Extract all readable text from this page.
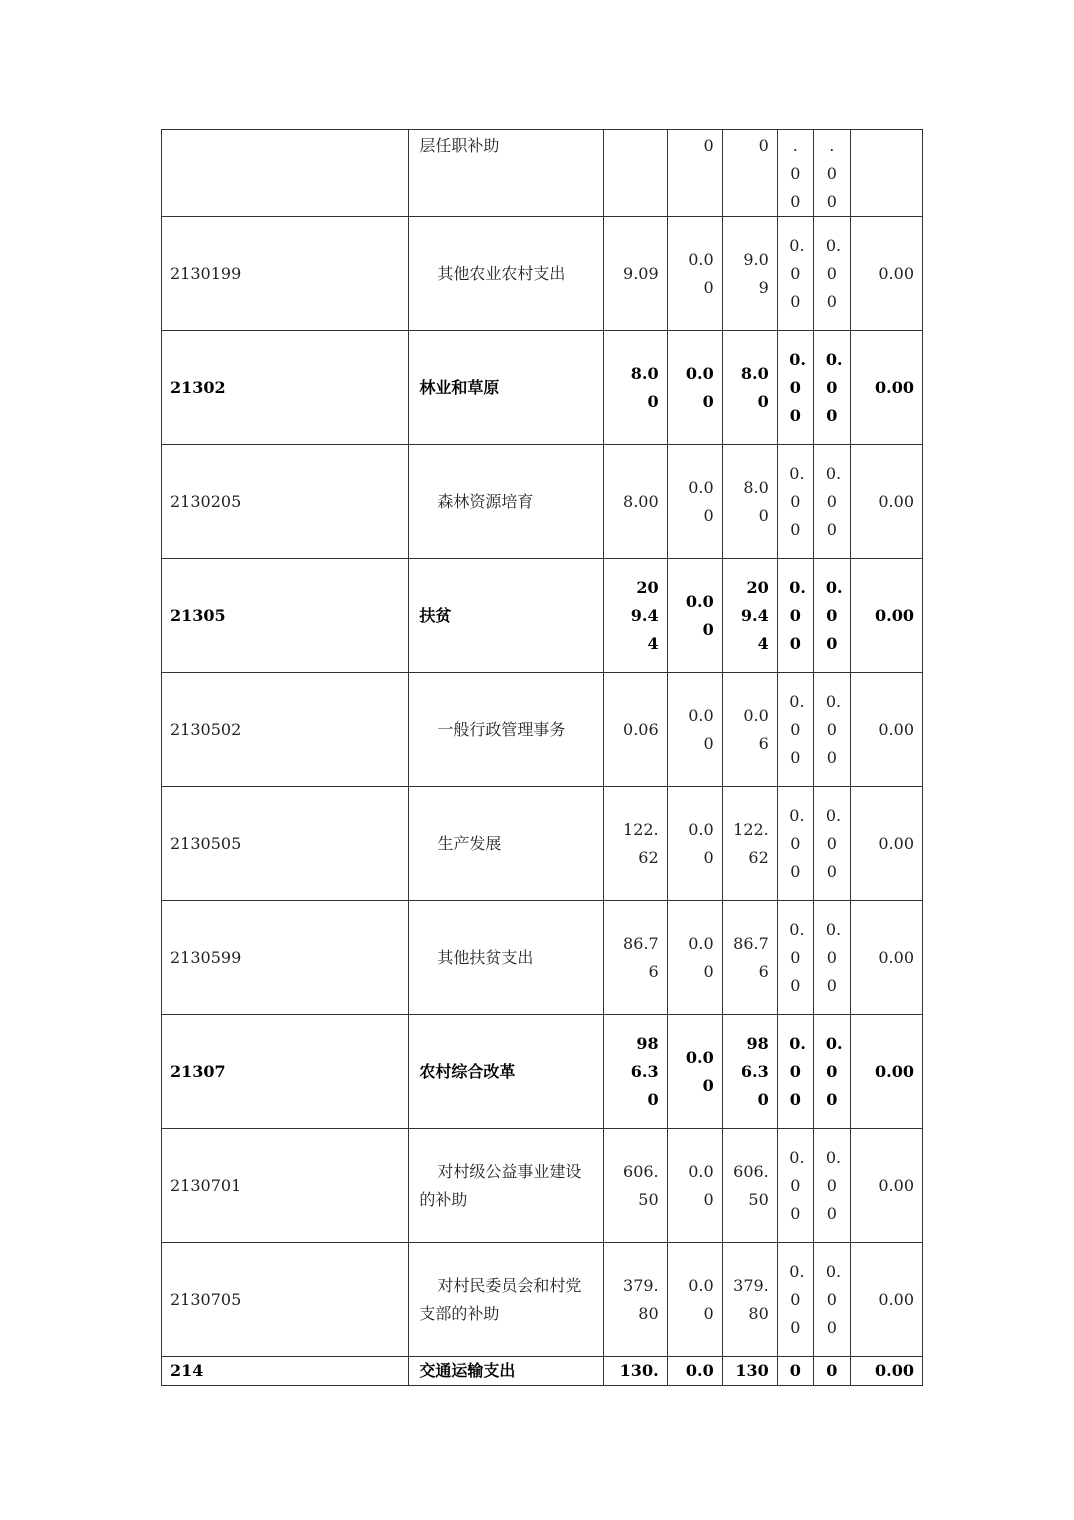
	层任职补助		0	0	.00	.00	

2130199	其他农业农村支出	9.09	0.00	9.09	0.00	0.00	0.00
21302	林业和草原	8.00	0.00	8.00	0.00	0.00	0.00
2130205	森林资源培育	8.00	0.00	8.00	0.00	0.00	0.00
21305	扶贫	209.44	0.00	209.44	0.00	0.00	0.00
2130502	一般行政管理事务	0.06	0.00	0.06	0.00	0.00	0.00
2130505	生产发展	122.62	0.00	122.62	0.00	0.00	0.00
2130599	其他扶贫支出	86.76	0.00	86.76	0.00	0.00	0.00
21307	农村综合改革	986.30	0.00	986.30	0.00	0.00	0.00
2130701	对村级公益事业建设的补助	606.50	0.00	606.50	0.00	0.00	0.00
2130705	对村民委员会和村党支部的补助	379.80	0.00	379.80	0.00	0.00	0.00
214	交通运输支出	130.	0.0	130	0	0	0.00
